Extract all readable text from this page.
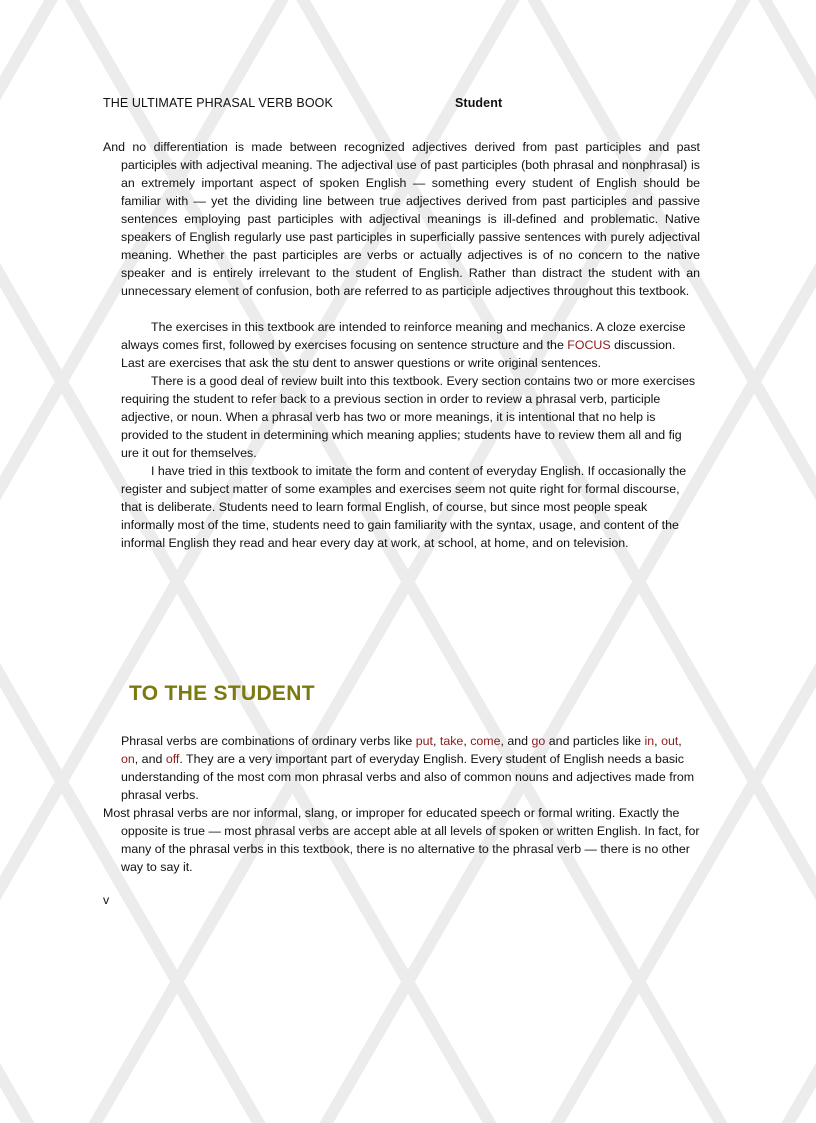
THE ULTIMATE PHRASAL VERB BOOK	Student

And no differentiation is made between recognized adjectives derived from past participles and past participles with adjectival meaning. The adjectival use of past participles (both phrasal and nonphrasal) is an extremely important aspect of spoken English — something every student of English should be familiar with — yet the dividing line between true adjectives derived from past participles and passive sentences employing past participles with adjectival meanings is ill-defined and problematic. Native speakers of English regularly use past participles in superficially passive sentences with purely adjectival meaning. Whether the past participles are verbs or actually adjectives is of no concern to the native speaker and is entirely irrelevant to the student of English. Rather than distract the student with an unnecessary element of confusion, both are referred to as participle adjectives throughout this textbook.

The exercises in this textbook are intended to reinforce meaning and mechanics. A cloze exercise always comes first, followed by exercises focusing on sentence structure and the FOCUS discussion. Last are exercises that ask the stu dent to answer questions or write original sentences.

There is a good deal of review built into this textbook. Every section contains two or more exercises requiring the student to refer back to a previous section in order to review a phrasal verb, participle adjective, or noun. When a phrasal verb has two or more meanings, it is intentional that no help is provided to the student in determining which meaning applies; students have to review them all and fig ure it out for themselves.

I have tried in this textbook to imitate the form and content of everyday English. If occasionally the register and subject matter of some examples and exercises seem not quite right for formal discourse, that is deliberate. Students need to learn formal English, of course, but since most people speak informally most of the time, students need to gain familiarity with the syntax, usage, and content of the informal English they read and hear every day at work, at school, at home, and on television.

TO THE STUDENT

Phrasal verbs are combinations of ordinary verbs like put, take, come, and go and particles like in, out, on, and off. They are a very important part of everyday English. Every student of English needs a basic understanding of the most com mon phrasal verbs and also of common nouns and adjectives made from phrasal verbs.

Most phrasal verbs are nor informal, slang, or improper for educated speech or formal writing. Exactly the opposite is true — most phrasal verbs are accept able at all levels of spoken or written English. In fact, for many of the phrasal verbs in this textbook, there is no alternative to the phrasal verb — there is no other way to say it.

v
